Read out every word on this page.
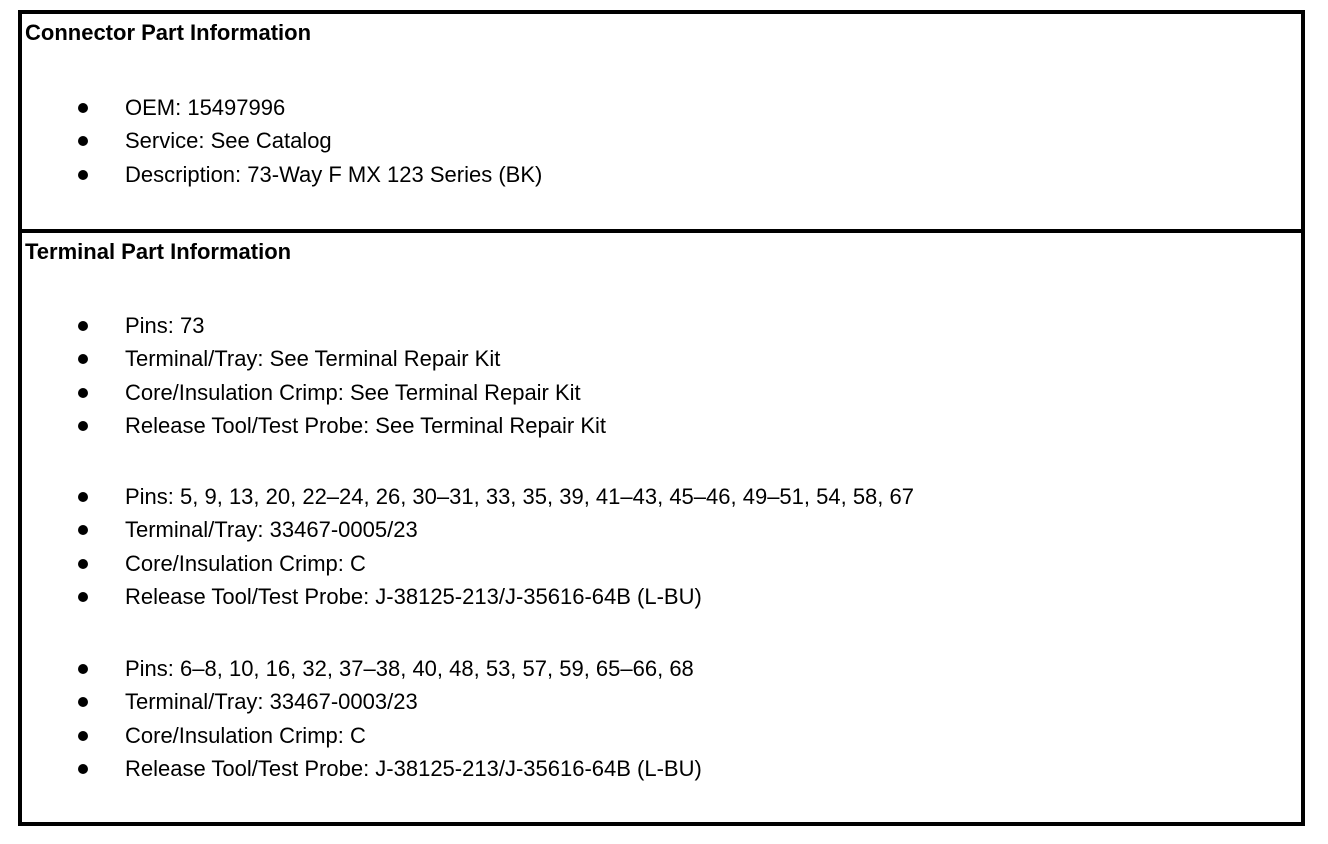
Connector Part Information
OEM: 15497996
Service: See Catalog
Description: 73-Way F MX 123 Series (BK)
Terminal Part Information
Pins: 73
Terminal/Tray: See Terminal Repair Kit
Core/Insulation Crimp: See Terminal Repair Kit
Release Tool/Test Probe: See Terminal Repair Kit
Pins: 5, 9, 13, 20, 22–24, 26, 30–31, 33, 35, 39, 41–43, 45–46, 49–51, 54, 58, 67
Terminal/Tray: 33467-0005/23
Core/Insulation Crimp: C
Release Tool/Test Probe: J-38125-213/J-35616-64B (L-BU)
Pins: 6–8, 10, 16, 32, 37–38, 40, 48, 53, 57, 59, 65–66, 68
Terminal/Tray: 33467-0003/23
Core/Insulation Crimp: C
Release Tool/Test Probe: J-38125-213/J-35616-64B (L-BU)
